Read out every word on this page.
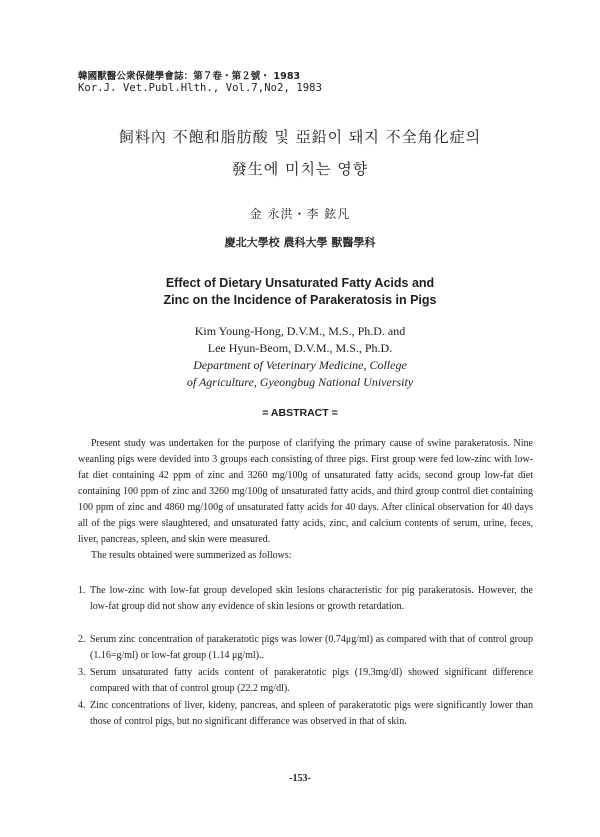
韓國獸醫公衆保健學會誌：第７卷・第２號・ 1983
Kor.J. Vet.Publ.Hlth., Vol.7,No2, 1983
飼料內 不飽和脂肪酸 및 亞鉛이 돼지 不全角化症의
發生에 미치는 영향
金 永洪・李 鉉凡
慶北大學校 農科大學 獸醫學科
Effect of Dietary Unsaturated Fatty Acids and
Zinc on the Incidence of Parakeratosis in Pigs
Kim Young-Hong, D.V.M., M.S., Ph.D. and
Lee Hyun-Beom, D.V.M., M.S., Ph.D.
Department of Veterinary Medicine, College
of Agriculture, Gyeongbug National University
= ABSTRACT =

Present study was undertaken for the purpose of clarifying the primary cause of swine parakeratosis. Nine weanling pigs were devided into 3 groups each consisting of three pigs. First group were fed low-zinc with low-fat diet containing 42 ppm of zinc and 3260 mg/100g of unsaturated fatty acids, second group low-fat diet containing 100 ppm of zinc and 3260 mg/100g of unsaturated fatty acids, and third group control diet containing 100 ppm of zinc and 4860 mg/100g of unsaturated fatty acids for 40 days. After clinical observation for 40 days all of the pigs were slaughtered, and unsaturated fatty acids, zinc, and calcium contents of serum, urine, feces, liver, pancreas, spleen, and skin were measured.

The results obtained were summerized as follows:

1. The low-zinc with low-fat group developed skin lesions characteristic for pig parakeratosis. However, the low-fat group did not show any evidence of skin lesions or growth retardation.
2. Serum zinc concentration of parakeratotic pigs was lower (0.74μg/ml) as compared with that of control group (1.16=g/ml) or low-fat group (1.14 μg/ml)..
3. Serum unsaturated fatty acids content of parakeratotic pigs (19.3mg/dl) showed significant difference compared with that of control group (22.2 mg/dl).
4. Zinc concentrations of liver, kideny, pancreas, and spleen of parakeratotic pigs were significantly lower than those of control pigs, but no significant differance was observed in that of skin.
-153-
